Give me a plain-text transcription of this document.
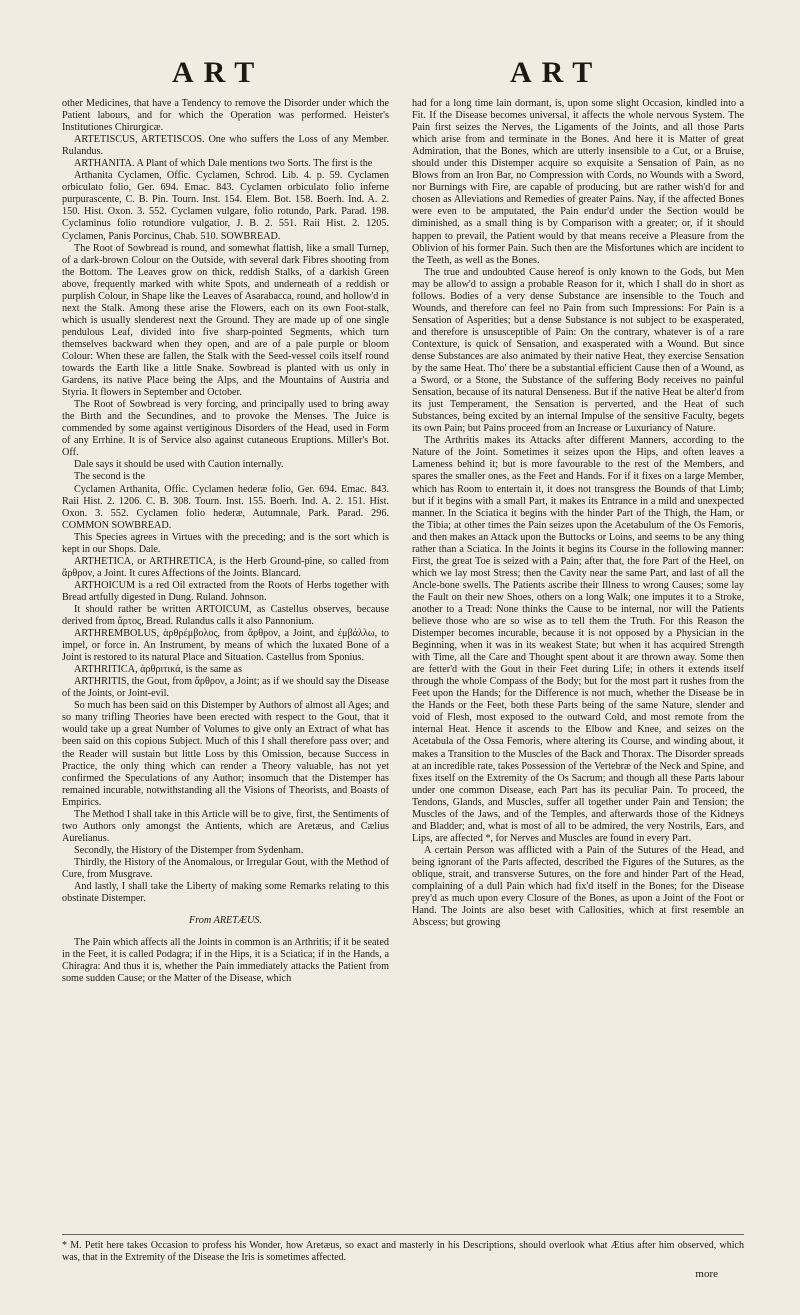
ART	ART

other Medicines, that have a Tendency to remove the Disorder under which the Patient labours, and for which the Operation was performed. Heister's Institutiones Chirurgicæ.

ARTETISCUS, ARTETISCOS. One who suffers the Loss of any Member. Rulandus.

ARTHANITA. A Plant of which Dale mentions two Sorts. The first is the

Arthanita Cyclamen, Offic. Cyclamen, Schrod. Lib. 4. p. 59. Cyclamen orbiculato folio, Ger. 694. Emac. 843. Cyclamen orbiculato folio inferne purpurascente, C. B. Pin. Tourn. Inst. 154. Elem. Bot. 158. Boerh. Ind. A. 2. 150. Hist. Oxon. 3. 552. Cyclamen vulgare, folio rotundo, Park. Parad. 198. Cyclaminus folio rotundiore vulgatior, J. B. 2. 551. Raii Hist. 2. 1205. Cyclamen, Panis Porcinus, Chab. 510. SOWBREAD.

The Root of Sowbread is round, and somewhat flattish, like a small Turnep, of a dark-brown Colour on the Outside, with several dark Fibres shooting from the Bottom. The Leaves grow on thick, reddish Stalks, of a darkish Green above, frequently marked with white Spots, and underneath of a reddish or purplish Colour, in Shape like the Leaves of Asarabacca, round, and hollow'd in next the Stalk. Among these arise the Flowers, each on its own Foot-stalk, which is usually slenderest next the Ground. They are made up of one single pendulous Leaf, divided into five sharp-pointed Segments, which turn themselves backward when they open, and are of a pale purple or bloom Colour: When these are fallen, the Stalk with the Seed-vessel coils itself round towards the Earth like a little Snake. Sowbread is planted with us only in Gardens, its native Place being the Alps, and the Mountains of Austria and Styria. It flowers in September and October.

The Root of Sowbread is very forcing, and principally used to bring away the Birth and the Secundines, and to provoke the Menses. The Juice is commended by some against vertiginous Disorders of the Head, used in Form of any Errhine. It is of Service also against cutaneous Eruptions. Miller's Bot. Off.

Dale says it should be used with Caution internally.

The second is the

Cyclamen Arthanita, Offic. Cyclamen hederæ folio, Ger. 694. Emac. 843. Raii Hist. 2. 1206. C. B. 308. Tourn. Inst. 155. Boerh. Ind. A. 2. 151. Hist. Oxon. 3. 552. Cyclamen folio hederæ, Autumnale, Park. Parad. 296. COMMON SOWBREAD.

This Species agrees in Virtues with the preceding; and is the sort which is kept in our Shops. Dale.

ARTHETICA, or ARTHRETICA, is the Herb Ground-pine, so called from ἄρθρον, a Joint. It cures Affections of the Joints. Blancard.

ARTHOICUM is a red Oil extracted from the Roots of Herbs together with Bread artfully digested in Dung. Ruland. Johnson.

It should rather be written ARTOICUM, as Castellus observes, because derived from ἄρτος, Bread. Rulandus calls it also Pannonium.

ARTHREMBOLUS, ἀρθρέμβολος, from ἄρθρον, a Joint, and ἐμβάλλω, to impel, or force in. An Instrument, by means of which the luxated Bone of a Joint is restored to its natural Place and Situation. Castellus from Sponius.

ARTHRITICA, ἀρθριτικά, is the same as

ARTHRITIS, the Gout, from ἄρθρον, a Joint; as if we should say the Disease of the Joints, or Joint-evil.

So much has been said on this Distemper by Authors of almost all Ages; and so many trifling Theories have been erected with respect to the Gout, that it would take up a great Number of Volumes to give only an Extract of what has been said on this copious Subject. Much of this I shall therefore pass over; and the Reader will sustain but little Loss by this Omission, because Success in Practice, the only thing which can render a Theory valuable, has not yet confirmed the Speculations of any Author; insomuch that the Distemper has remained incurable, notwithstanding all the Visions of Theorists, and Boasts of Empirics.

The Method I shall take in this Article will be to give, first, the Sentiments of two Authors only amongst the Antients, which are Aretæus, and Cælius Aurelianus.

Secondly, the History of the Distemper from Sydenham.

Thirdly, the History of the Anomalous, or Irregular Gout, with the Method of Cure, from Musgrave.

And lastly, I shall take the Liberty of making some Remarks relating to this obstinate Distemper.

From ARETÆUS.

The Pain which affects all the Joints in common is an Arthritis; if it be seated in the Feet, it is called Podagra; if in the Hips, it is a Sciatica; if in the Hands, a Chiragra: And thus it is, whether the Pain immediately attacks the Patient from some sudden Cause; or the Matter of the Disease, which

had for a long time lain dormant, is, upon some slight Occasion, kindled into a Fit. If the Disease becomes universal, it affects the whole nervous System. The Pain first seizes the Nerves, the Ligaments of the Joints, and all those Parts which arise from and terminate in the Bones. And here it is Matter of great Admiration, that the Bones, which are utterly insensible to a Cut, or a Bruise, should under this Distemper acquire so exquisite a Sensation of Pain, as no Blows from an Iron Bar, no Compression with Cords, no Wounds with a Sword, nor Burnings with Fire, are capable of producing, but are rather wish'd for and chosen as Alleviations and Remedies of greater Pains. Nay, if the affected Bones were even to be amputated, the Pain endur'd under the Section would be diminished, as a small thing is by Comparison with a greater; or, if it should happen to prevail, the Patient would by that means receive a Pleasure from the Oblivion of his former Pain. Such then are the Misfortunes which are incident to the Teeth, as well as the Bones.

The true and undoubted Cause hereof is only known to the Gods, but Men may be allow'd to assign a probable Reason for it, which I shall do in short as follows. Bodies of a very dense Substance are insensible to the Touch and Wounds, and therefore can feel no Pain from such Impressions: For Pain is a Sensation of Asperities; but a dense Substance is not subject to be exasperated, and therefore is unsusceptible of Pain: On the contrary, whatever is of a rare Contexture, is quick of Sensation, and exasperated with a Wound. But since dense Substances are also animated by their native Heat, they exercise Sensation by the same Heat. Tho' there be a substantial efficient Cause then of a Wound, as a Sword, or a Stone, the Substance of the suffering Body receives no painful Sensation, because of its natural Denseness. But if the native Heat be alter'd from its just Temperament, the Sensation is perverted, and the Heat of such Substances, being excited by an internal Impulse of the sensitive Faculty, begets its own Pain; but Pains proceed from an Increase or Luxuriancy of Nature.

The Arthritis makes its Attacks after different Manners, according to the Nature of the Joint. Sometimes it seizes upon the Hips, and often leaves a Lameness behind it; but is more favourable to the rest of the Members, and spares the smaller ones, as the Feet and Hands. For if it fixes on a large Member, which has Room to entertain it, it does not transgress the Bounds of that Limb; but if it begins with a small Part, it makes its Entrance in a mild and unexpected manner. In the Sciatica it begins with the hinder Part of the Thigh, the Ham, or the Tibia; at other times the Pain seizes upon the Acetabulum of the Os Femoris, and then makes an Attack upon the Buttocks or Loins, and seems to be any thing rather than a Sciatica. In the Joints it begins its Course in the following manner: First, the great Toe is seized with a Pain; after that, the fore Part of the Heel, on which we lay most Stress; then the Cavity near the same Part, and last of all the Ancle-bone swells. The Patients ascribe their Illness to wrong Causes; some lay the Fault on their new Shoes, others on a long Walk; one imputes it to a Stroke, another to a Tread: None thinks the Cause to be internal, nor will the Patients believe those who are so wise as to tell them the Truth. For this Reason the Distemper becomes incurable, because it is not opposed by a Physician in the Beginning, when it was in its weakest State; but when it has acquired Strength with Time, all the Care and Thought spent about it are thrown away. Some then are fetter'd with the Gout in their Feet during Life; in others it extends itself through the whole Compass of the Body; but for the most part it rushes from the Feet upon the Hands; for the Difference is not much, whether the Disease be in the Hands or the Feet, both these Parts being of the same Nature, slender and void of Flesh, most exposed to the outward Cold, and most remote from the internal Heat. Hence it ascends to the Elbow and Knee, and seizes on the Acetabula of the Ossa Femoris, where altering its Course, and winding about, it makes a Transition to the Muscles of the Back and Thorax. The Disorder spreads at an incredible rate, takes Possession of the Vertebræ of the Neck and Spine, and fixes itself on the Extremity of the Os Sacrum; and though all these Parts labour under one common Disease, each Part has its peculiar Pain. To proceed, the Tendons, Glands, and Muscles, suffer all together under Pain and Tension; the Muscles of the Jaws, and of the Temples, and afterwards those of the Kidneys and Bladder; and, what is most of all to be admired, the very Nostrils, Ears, and Lips, are affected *, for Nerves and Muscles are found in every Part.

A certain Person was afflicted with a Pain of the Sutures of the Head, and being ignorant of the Parts affected, described the Figures of the Sutures, as the oblique, strait, and transverse Sutures, on the fore and hinder Part of the Head, complaining of a dull Pain which had fix'd itself in the Bones; for the Disease prey'd as much upon every Closure of the Bones, as upon a Joint of the Foot or Hand. The Joints are also beset with Callosities, which at first resemble an Abscess; but growing

* M. Petit here takes Occasion to profess his Wonder, how Aretæus, so exact and masterly in his Descriptions, should overlook what Ætius after him observed, which was, that in the Extremity of the Disease the Iris is sometimes affected.
more
